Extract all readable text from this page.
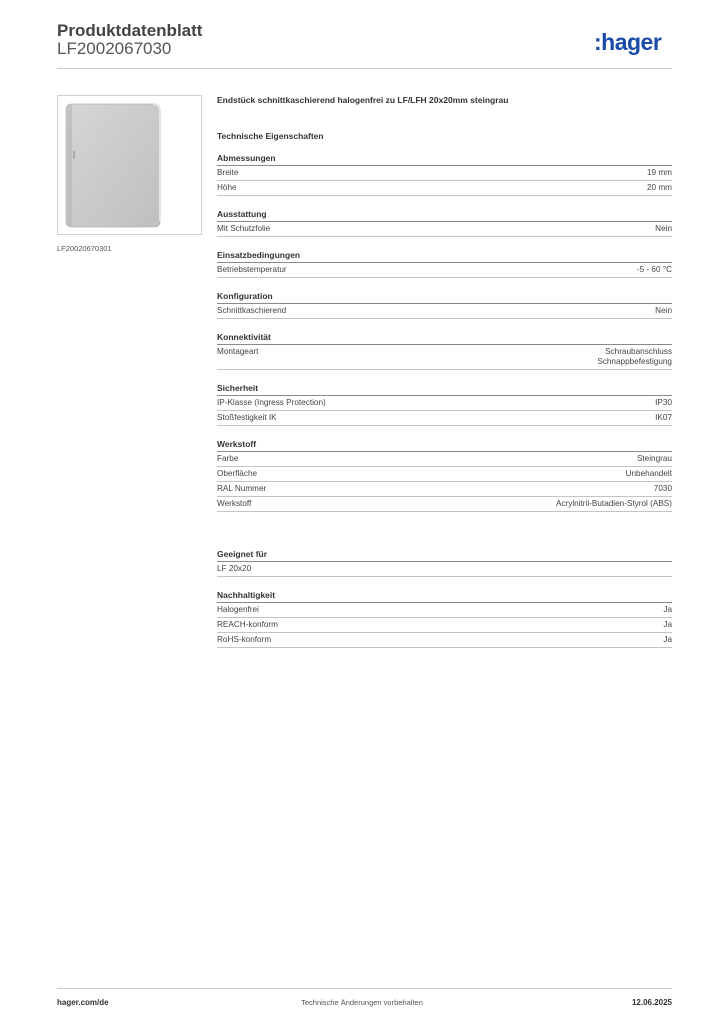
Produktdatenblatt
LF2002067030	:hager
LF20020670301
Endstück schnittkaschierend halogenfrei zu LF/LFH 20x20mm steingrau
Technische Eigenschaften
Abmessungen
Breite	19 mm
Höhe	20 mm
Ausstattung
Mit Schutzfolie	Nein
Einsatzbedingungen
Betriebstemperatur	-5 - 60 °C
Konfiguration
Schnittkaschierend	Nein
Konnektivität
Montageart	Schraubanschluss
Schnappbefestigung
Sicherheit
IP-Klasse (Ingress Protection)	IP30
Stoßfestigkeit IK	IK07
Werkstoff
Farbe	Steingrau
Oberfläche	Unbehandelt
RAL Nummer	7030
Werkstoff	Acrylnitril-Butadien-Styrol (ABS)
Geeignet für
LF 20x20
Nachhaltigkeit
Halogenfrei	Ja
REACH-konform	Ja
RoHS-konform	Ja
hager.com/de	Technische Änderungen vorbehalten	12.06.2025
